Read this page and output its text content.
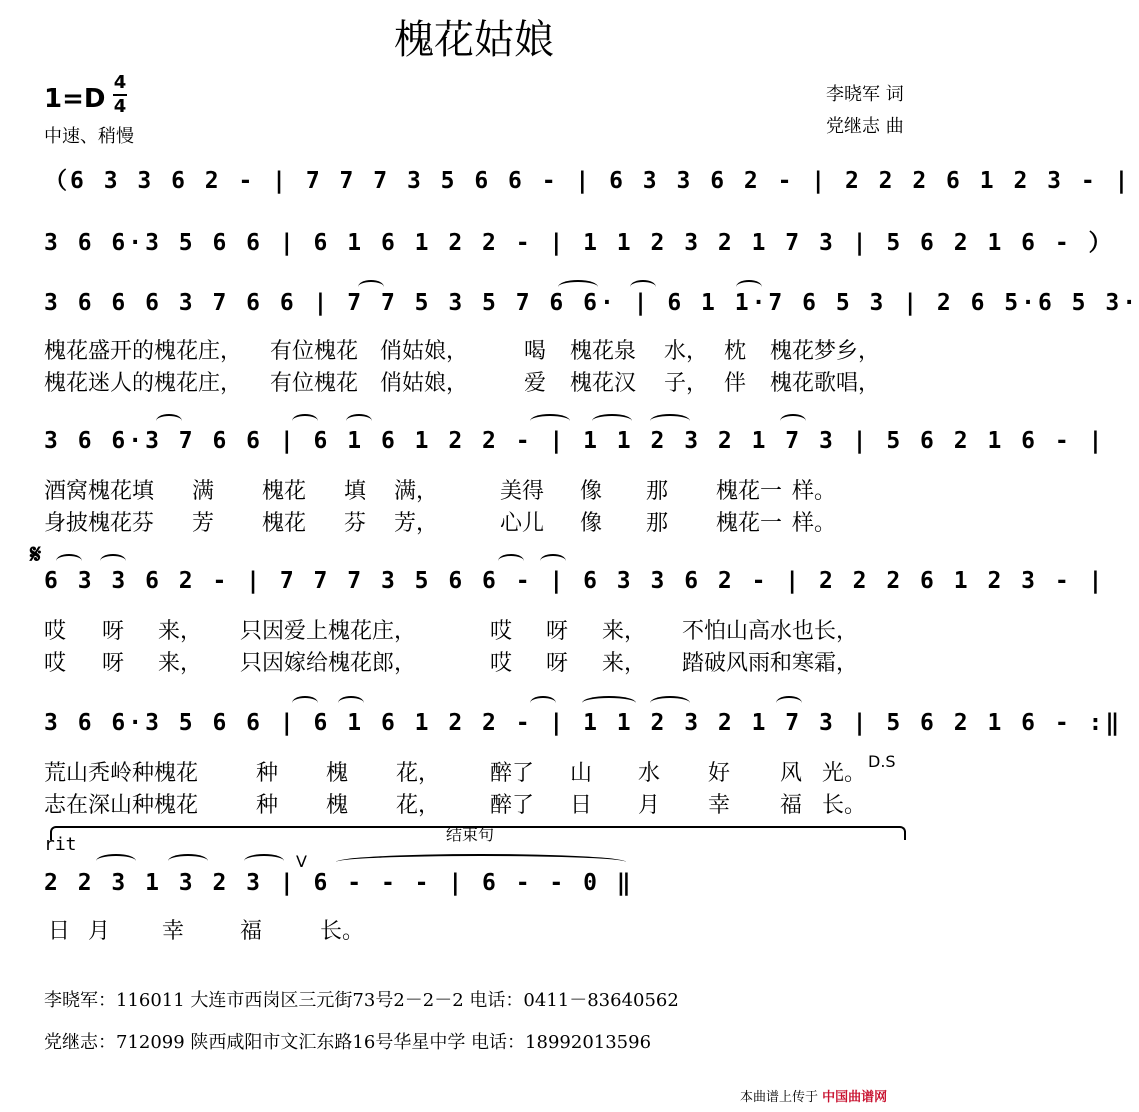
槐花姑娘
1=D
4
4
中速、稍慢
李晓军 词
党继志 曲
（6 3 3 6 2 - | 7 7 7 3 5 6 6 - | 6 3 3 6 2 - | 2 2 2 6 1 2 3 - |
3 6 6·3 5 6 6 | 6 1 6 1 2 2 - | 1 1 2 3 2 1 7 3 | 5 6 2 1 6 - ）
3 6 6 6 3 7 6 6 | 7 7 5 3 5 7 6 6· | 6 1 1·7 6 5 3 | 2 6 5·6 5 3·
槐花盛开的槐花庄， 有位槐花 俏姑娘，	喝 槐花泉 水， 枕 槐花梦乡，
槐花迷人的槐花庄， 有位槐花 俏姑娘，	爱 槐花汉 子， 伴 槐花歌唱，
3 6 6·3 7 6 6 | 6 1 6 1 2 2 - | 1 1 2 3 2 1 7 3 | 5 6 2 1 6 - |
酒窝槐花填 满 槐花 填 满，	美得 像 那 槐花一 样。
身披槐花芬 芳 槐花 芬 芳，	心儿 像 那 槐花一 样。
𝄋
6 3 3 6 2 - | 7 7 7 3 5 6 6 - | 6 3 3 6 2 - | 2 2 2 6 1 2 3 - |
哎 呀 来， 只因爱上槐花庄，	哎 呀 来， 不怕山高水也长，
哎 呀 来， 只因嫁给槐花郎，	哎 呀 来， 踏破风雨和寒霜，
3 6 6·3 5 6 6 | 6 1 6 1 2 2 - | 1 1 2 3 2 1 7 3 | 5 6 2 1 6 - :‖
荒山秃岭种槐花	种 槐 花， 醉了 山 水 好 风 光。 D.S
志在深山种槐花	种 槐 花， 醉了 日 月 幸 福 长。
结束句
rit
V
2 2 3 1 3 2 3 | 6 - - - | 6 - - 0 ‖
日 月 幸	福	长。
李晓军：116011 大连市西岗区三元街73号2－2－2 电话：0411－83640562
党继志：712099 陕西咸阳市文汇东路16号华星中学 电话：18992013596
本曲谱上传于 中国曲谱网
